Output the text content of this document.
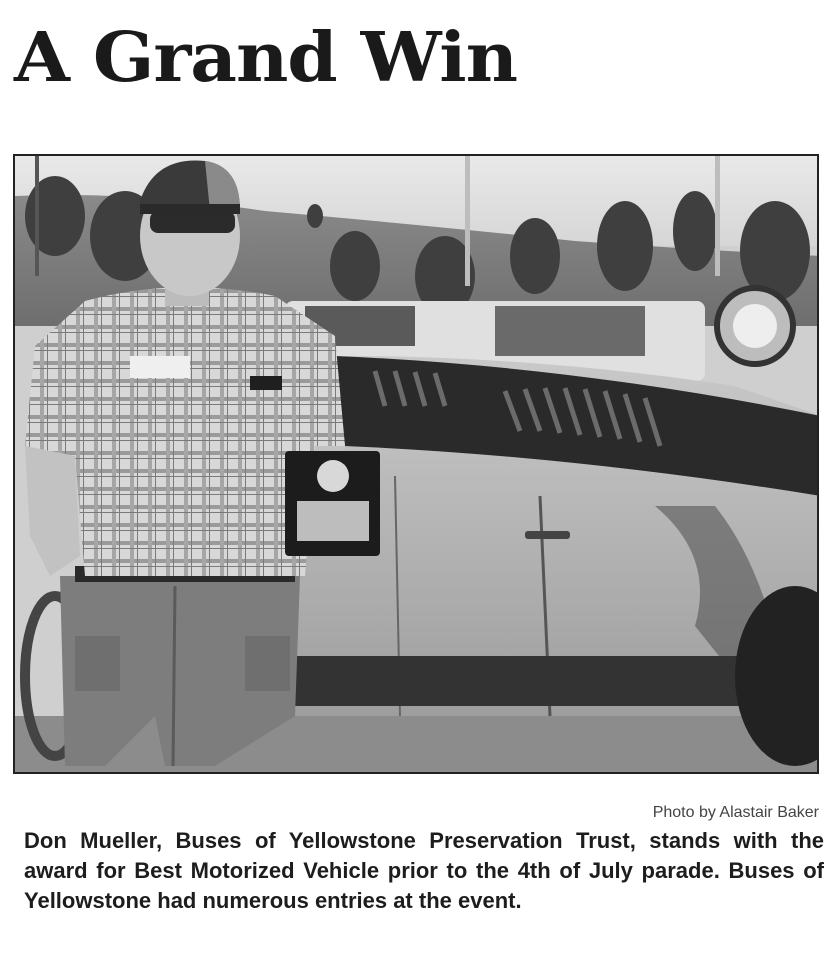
A Grand Win
Photo by Alastair Baker

Don Mueller, Buses of Yellowstone Preservation Trust, stands with the award for Best Motorized Vehicle prior to the 4th of July parade. Buses of Yellowstone had numerous entries at the event.
